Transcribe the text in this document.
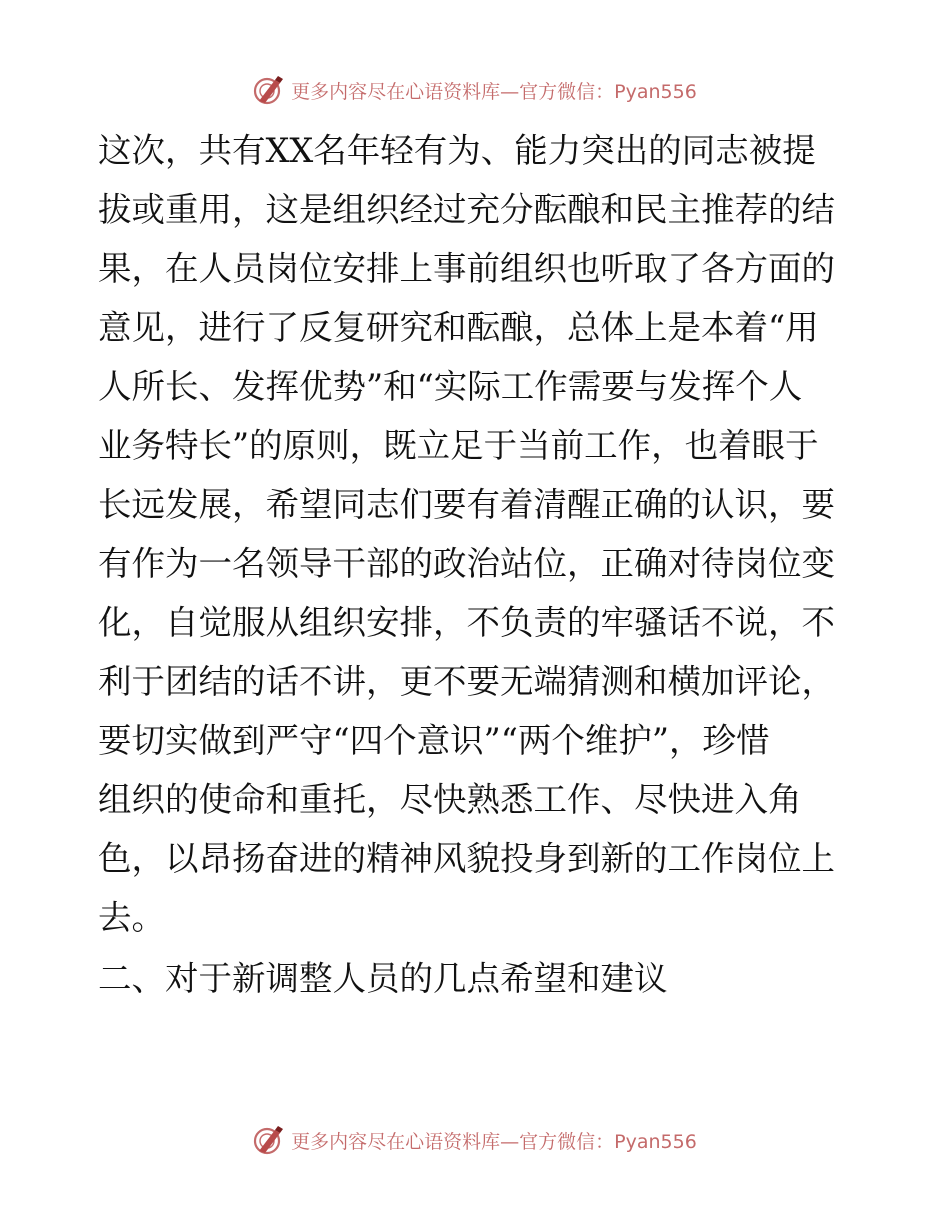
更多内容尽在心语资料库—官方微信：Pyan556
这次，共有XX名年轻有为、能力突出的同志被提
拔或重用，这是组织经过充分酝酿和民主推荐的结
果，在人员岗位安排上事前组织也听取了各方面的
意见，进行了反复研究和酝酿，总体上是本着“用
人所长、发挥优势”和“实际工作需要与发挥个人
业务特长”的原则，既立足于当前工作，也着眼于
长远发展，希望同志们要有着清醒正确的认识，要
有作为一名领导干部的政治站位，正确对待岗位变
化，自觉服从组织安排，不负责的牢骚话不说，不
利于团结的话不讲，更不要无端猜测和横加评论，
要切实做到严守“四个意识”“两个维护”，珍惜
组织的使命和重托，尽快熟悉工作、尽快进入角
色，以昂扬奋进的精神风貌投身到新的工作岗位上
去。
二、对于新调整人员的几点希望和建议
更多内容尽在心语资料库—官方微信：Pyan556
